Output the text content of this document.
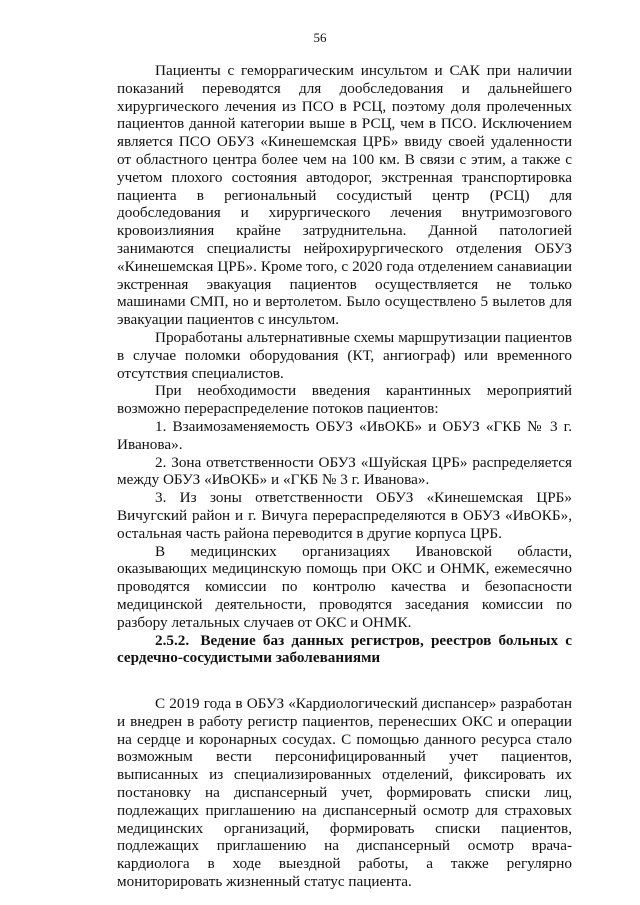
56

Пациенты с геморрагическим инсультом и САК при наличии показаний переводятся для дообследования и дальнейшего хирургического лечения из ПСО в РСЦ, поэтому доля пролеченных пациентов данной категории выше в РСЦ, чем в ПСО. Исключением является ПСО ОБУЗ «Кинешемская ЦРБ» ввиду своей удаленности от областного центра более чем на 100 км. В связи с этим, а также с учетом плохого состояния автодорог, экстренная транспортировка пациента в региональный сосудистый центр (РСЦ) для дообследования и хирургического лечения внутримозгового кровоизлияния крайне затруднительна. Данной патологией занимаются специалисты нейрохирургического отделения ОБУЗ «Кинешемская ЦРБ». Кроме того, с 2020 года отделением санавиации экстренная эвакуация пациентов осуществляется не только машинами СМП, но и вертолетом. Было осуществлено 5 вылетов для эвакуации пациентов с инсультом.

Проработаны альтернативные схемы маршрутизации пациентов в случае поломки оборудования (КТ, ангиограф) или временного отсутствия специалистов.

При необходимости введения карантинных мероприятий возможно перераспределение потоков пациентов:

1. Взаимозаменяемость ОБУЗ «ИвОКБ» и ОБУЗ «ГКБ № 3 г. Иванова».

2. Зона ответственности ОБУЗ «Шуйская ЦРБ» распределяется между ОБУЗ «ИвОКБ» и «ГКБ № 3 г. Иванова».

3. Из зоны ответственности ОБУЗ «Кинешемская ЦРБ» Вичугский район и г. Вичуга перераспределяются в ОБУЗ «ИвОКБ», остальная часть района переводится в другие корпуса ЦРБ.

В медицинских организациях Ивановской области, оказывающих медицинскую помощь при ОКС и ОНМК, ежемесячно проводятся комиссии по контролю качества и безопасности медицинской деятельности, проводятся заседания комиссии по разбору летальных случаев от ОКС и ОНМК.

2.5.2. Ведение баз данных регистров, реестров больных с сердечно-сосудистыми заболеваниями

С 2019 года в ОБУЗ «Кардиологический диспансер» разработан и внедрен в работу регистр пациентов, перенесших ОКС и операции на сердце и коронарных сосудах. С помощью данного ресурса стало возможным вести персонифицированный учет пациентов, выписанных из специализированных отделений, фиксировать их постановку на диспансерный учет, формировать списки лиц, подлежащих приглашению на диспансерный осмотр для страховых медицинских организаций, формировать списки пациентов, подлежащих приглашению на диспансерный осмотр врача-кардиолога в ходе выездной работы, а также регулярно мониторировать жизненный статус пациента.
